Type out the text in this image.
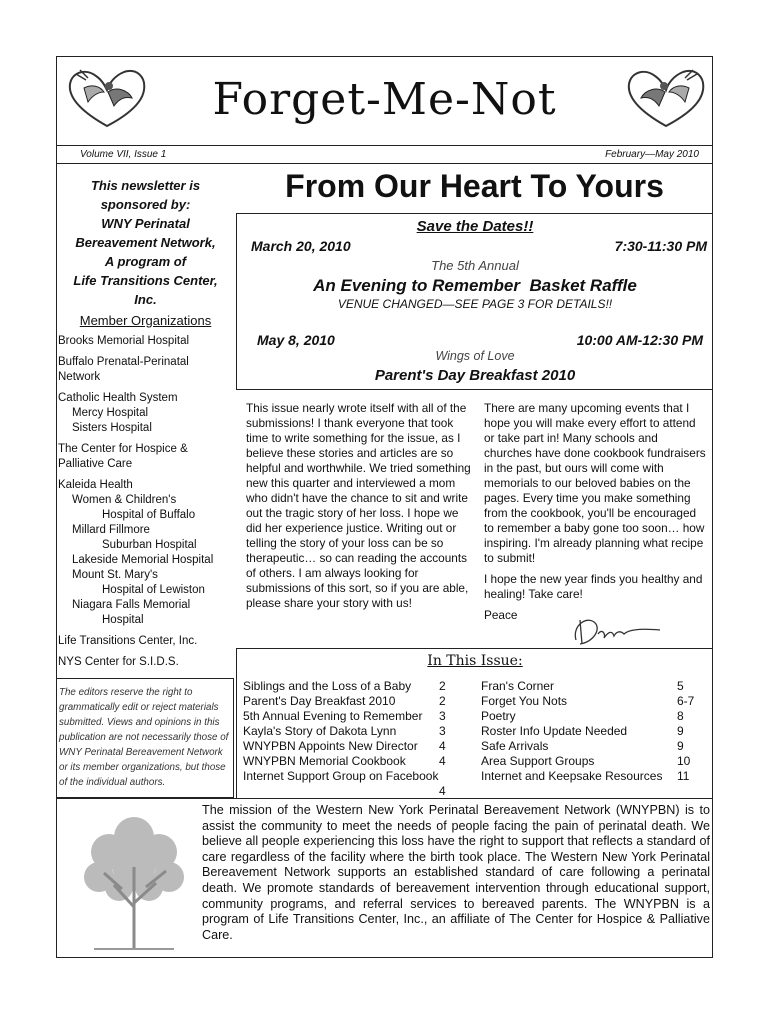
Forget-Me-Not
Volume VII, Issue 1	February—May 2010
This newsletter is
sponsored by:
WNY Perinatal
Bereavement Network,
A program of
Life Transitions Center,
Inc.
Member Organizations
Brooks Memorial Hospital
Buffalo Prenatal-Perinatal
Network
Catholic Health System
Mercy Hospital
Sisters Hospital
The Center for Hospice &
Palliative Care
Kaleida Health
Women & Children's
Hospital of Buffalo
Millard Fillmore
Suburban Hospital
Lakeside Memorial Hospital
Mount St. Mary's
Hospital of Lewiston
Niagara Falls Memorial
Hospital
Life Transitions Center, Inc.
NYS Center for S.I.D.S.
The editors reserve the right to grammatically edit or reject materials submitted. Views and opinions in this publication are not necessarily those of WNY Perinatal Bereavement Network or its member organizations, but those of the individual authors.
From Our Heart To Yours
Save the Dates!!
March 20, 2010	7:30-11:30 PM
The 5th Annual
An Evening to Remember  Basket Raffle
VENUE CHANGED—SEE PAGE 3 FOR DETAILS!!
May 8, 2010	10:00 AM-12:30 PM
Wings of Love
Parent's Day Breakfast 2010

This issue nearly wrote itself with all of the submissions! I thank everyone that took time to write something for the issue, as I believe these stories and articles are so helpful and worthwhile. We tried something new this quarter and interviewed a mom who didn't have the chance to sit and write out the tragic story of her loss. I hope we did her experience justice. Writing out or telling the story of your loss can be so therapeutic… so can reading the accounts of others. I am always looking for submissions of this sort, so if you are able, please share your story with us!

There are many upcoming events that I hope you will make every effort to attend or take part in! Many schools and churches have done cookbook fundraisers in the past, but ours will come with memorials to our beloved babies on the pages. Every time you make something from the cookbook, you'll be encouraged to remember a baby gone too soon… how inspiring. I'm already planning what recipe to submit!

I hope the new year finds you healthy and healing! Take care!

Peace

In This Issue:
Siblings and the Loss of a Baby 2
Parent's Day Breakfast 2010	2
5th Annual Evening to Remember 3
Kayla's Story of Dakota Lynn	3
WNYPBN Appoints New Director 4
WNYPBN Memorial Cookbook	4
Internet Support Group on Facebook
4
Fran's Corner	5
Forget You Nots	6-7
Poetry	8
Roster Info Update Needed	9
Safe Arrivals	9
Area Support Groups	10
Internet and Keepsake Resources 11
The mission of the Western New York Perinatal Bereavement Network (WNYPBN) is to assist the community to meet the needs of people facing the pain of perinatal death. We believe all people experiencing this loss have the right to support that reflects a standard of care regardless of the facility where the birth took place. The Western New York Perinatal Bereavement Network supports an established standard of care following a perinatal death. We promote standards of bereavement intervention through educational support, community programs, and referral services to bereaved parents. The WNYPBN is a program of Life Transitions Center, Inc., an affiliate of The Center for Hospice & Palliative Care.
